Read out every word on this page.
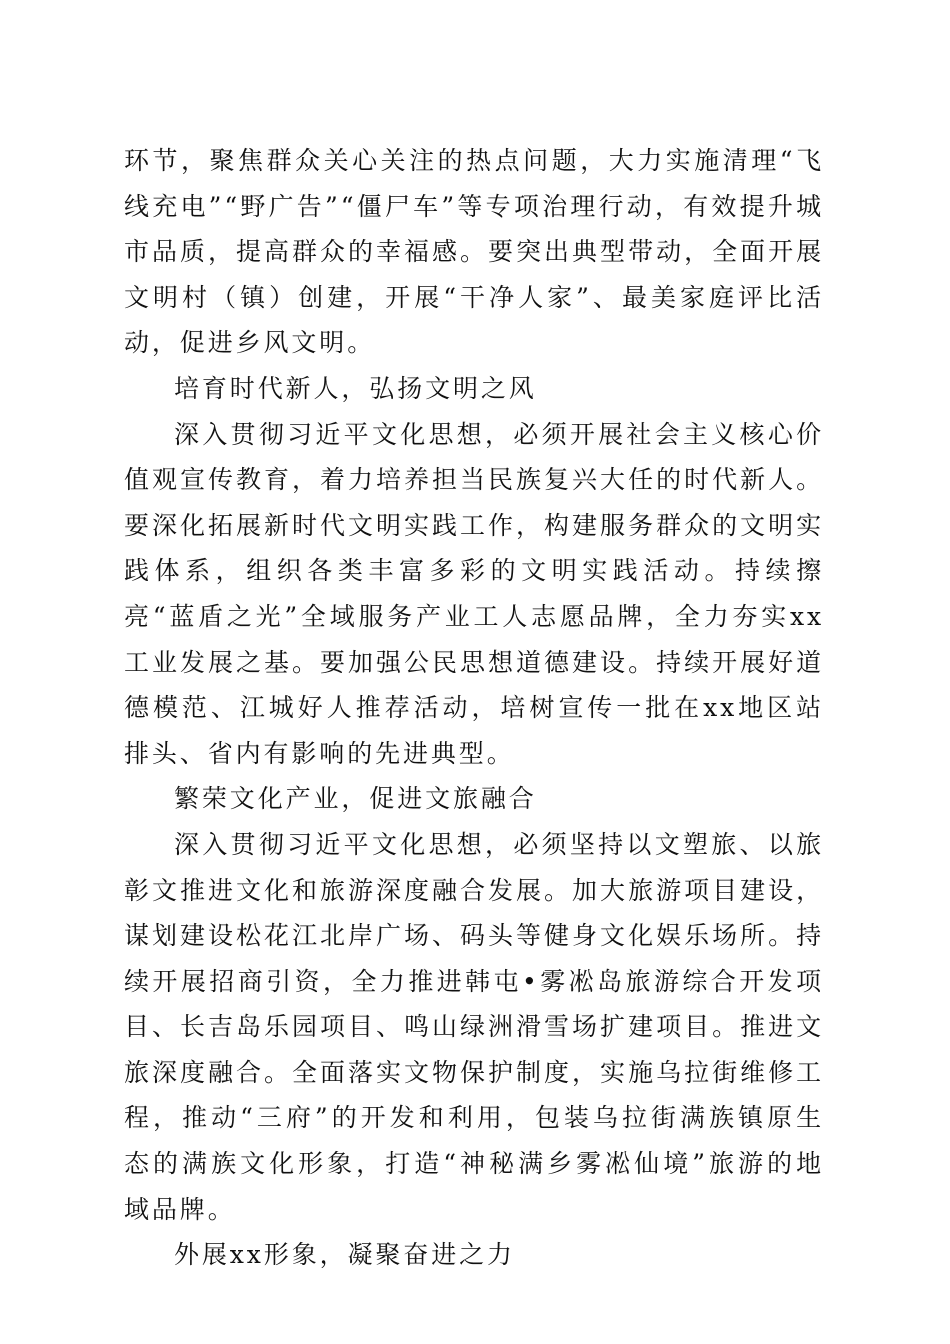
环节，聚焦群众关心关注的热点问题，大力实施清理“飞线充电”“野广告”“僵尸车”等专项治理行动，有效提升城市品质，提高群众的幸福感。要突出典型带动，全面开展文明村（镇）创建，开展“干净人家”、最美家庭评比活动，促进乡风文明。

培育时代新人，弘扬文明之风

深入贯彻习近平文化思想，必须开展社会主义核心价值观宣传教育，着力培养担当民族复兴大任的时代新人。要深化拓展新时代文明实践工作，构建服务群众的文明实践体系，组织各类丰富多彩的文明实践活动。持续擦亮“蓝盾之光”全域服务产业工人志愿品牌，全力夯实xx工业发展之基。要加强公民思想道德建设。持续开展好道德模范、江城好人推荐活动，培树宣传一批在xx地区站排头、省内有影响的先进典型。

繁荣文化产业，促进文旅融合

深入贯彻习近平文化思想，必须坚持以文塑旅、以旅彰文推进文化和旅游深度融合发展。加大旅游项目建设，谋划建设松花江北岸广场、码头等健身文化娱乐场所。持续开展招商引资，全力推进韩屯•雾凇岛旅游综合开发项目、长吉岛乐园项目、鸣山绿洲滑雪场扩建项目。推进文旅深度融合。全面落实文物保护制度，实施乌拉街维修工程，推动“三府”的开发和利用，包装乌拉街满族镇原生态的满族文化形象，打造“神秘满乡雾凇仙境”旅游的地域品牌。

外展xx形象，凝聚奋进之力
